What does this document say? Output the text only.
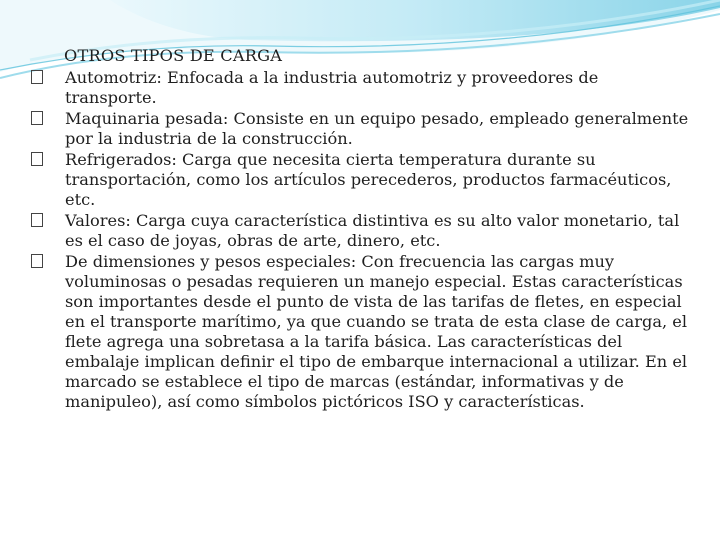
OTROS TIPOS DE CARGA
Automotriz: Enfocada a la industria automotriz y proveedores de transporte.
Maquinaria pesada: Consiste en un equipo pesado, empleado generalmente por la industria de la construcción.
Refrigerados: Carga que necesita cierta temperatura durante su transportación, como los artículos perecederos, productos farmacéuticos, etc.
Valores: Carga cuya característica distintiva es su alto valor monetario, tal es el caso de joyas, obras de arte, dinero, etc.
De dimensiones y pesos especiales: Con frecuencia las cargas muy voluminosas o pesadas requieren un manejo especial. Estas características son importantes desde el punto de vista de las tarifas de fletes, en especial en el transporte marítimo, ya que cuando se trata de esta clase de carga, el flete agrega una sobretasa a la tarifa básica. Las características del embalaje implican definir el tipo de embarque internacional a utilizar. En el marcado se establece el tipo de marcas (estándar, informativas y de manipuleo), así como símbolos pictóricos ISO y características.
